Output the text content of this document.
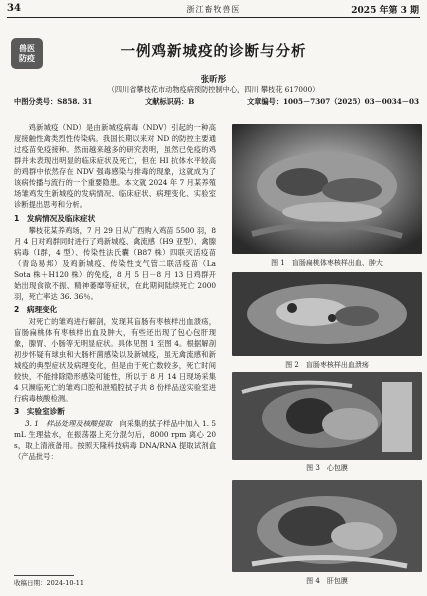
34	浙江畜牧兽医	2025 年第 3 期
兽医
防疫	一例鸡新城疫的诊断与分析
张昕彤
（四川省攀枝花市动物疫病预防控制中心，四川 攀枝花 617000）
中图分类号：S858. 31	文献标识码：B	文章编号：1005－7307（2025）03－0034－03

鸡新城疫（ND）是由新城疫病毒（NDV）引起的一种高度接触性禽类烈性传染病。我国长期以来对 ND 的防控主要通过疫苗免疫接种。然而越来越多的研究表明，虽然已免疫的鸡群并未表现出明显的临床症状及死亡，但在 HI 抗体水平较高的鸡群中依然存在 NDV 强毒感染与排毒的现象，这就成为了该病传播与流行的一个重要隐患。本文就 2024 年 7 月某养殖场雏鸡发生新城疫的发病情况、临床症状、病理变化、实验室诊断提出思考和分析。

1　发病情况及临床症状

攀枝花某养鸡场，7 月 29 日从广西购入鸡苗 5500 羽，8 月 4 日对鸡群同时进行了鸡新城疫、禽流感（H9 亚型）、禽腺病毒（Ⅰ群，4 型）、传染性法氏囊（B87 株）四联灭活疫苗（青岛易邦）及鸡新城疫、传染性支气管二联活疫苗（La Sota 株＋H120 株）的免疫，8 月 5 日－8 月 13 日鸡群开始出现食欲不振、精神萎靡等症状，在此期间陆续死亡 2000 羽，死亡率达 36. 36％。

2　病理变化

对死亡的雏鸡进行解剖，发现其盲肠有枣核样出血溃疡，盲肠扁桃体有枣核样出血及肿大，有些还出现了包心包肝现象，腺胃、小肠等无明显症状。具体见图 1 至图 4。根据解剖初步怀疑有球虫和大肠杆菌感染以及新城疫，虽无禽流感和新城疫的典型症状及病理变化，但是由于死亡数较多，死亡时间较快，不能排除隐形感染可能性，所以于 8 月 14 日现场采集 4 只濒临死亡的雏鸡口腔和泄殖腔拭子共 8 份样品送实验室进行病毒核酸检测。

3　实验室诊断

3. 1　样品处理及核酸提取　 向采集的拭子样品中加入 1. 5 mL 生理盐水，在振荡器上充分混匀后，8000 rpm 离心 20 s，取上清液备用。按照天隆科技病毒 DNA/RNA 提取试剂盒（产品批号：

收稿日期：2024-10-11
图 1　盲肠扁桃体枣核样出血、肿大
图 2　盲肠枣核样出血溃疡
图 3　心包膜
图 4　肝包膜
